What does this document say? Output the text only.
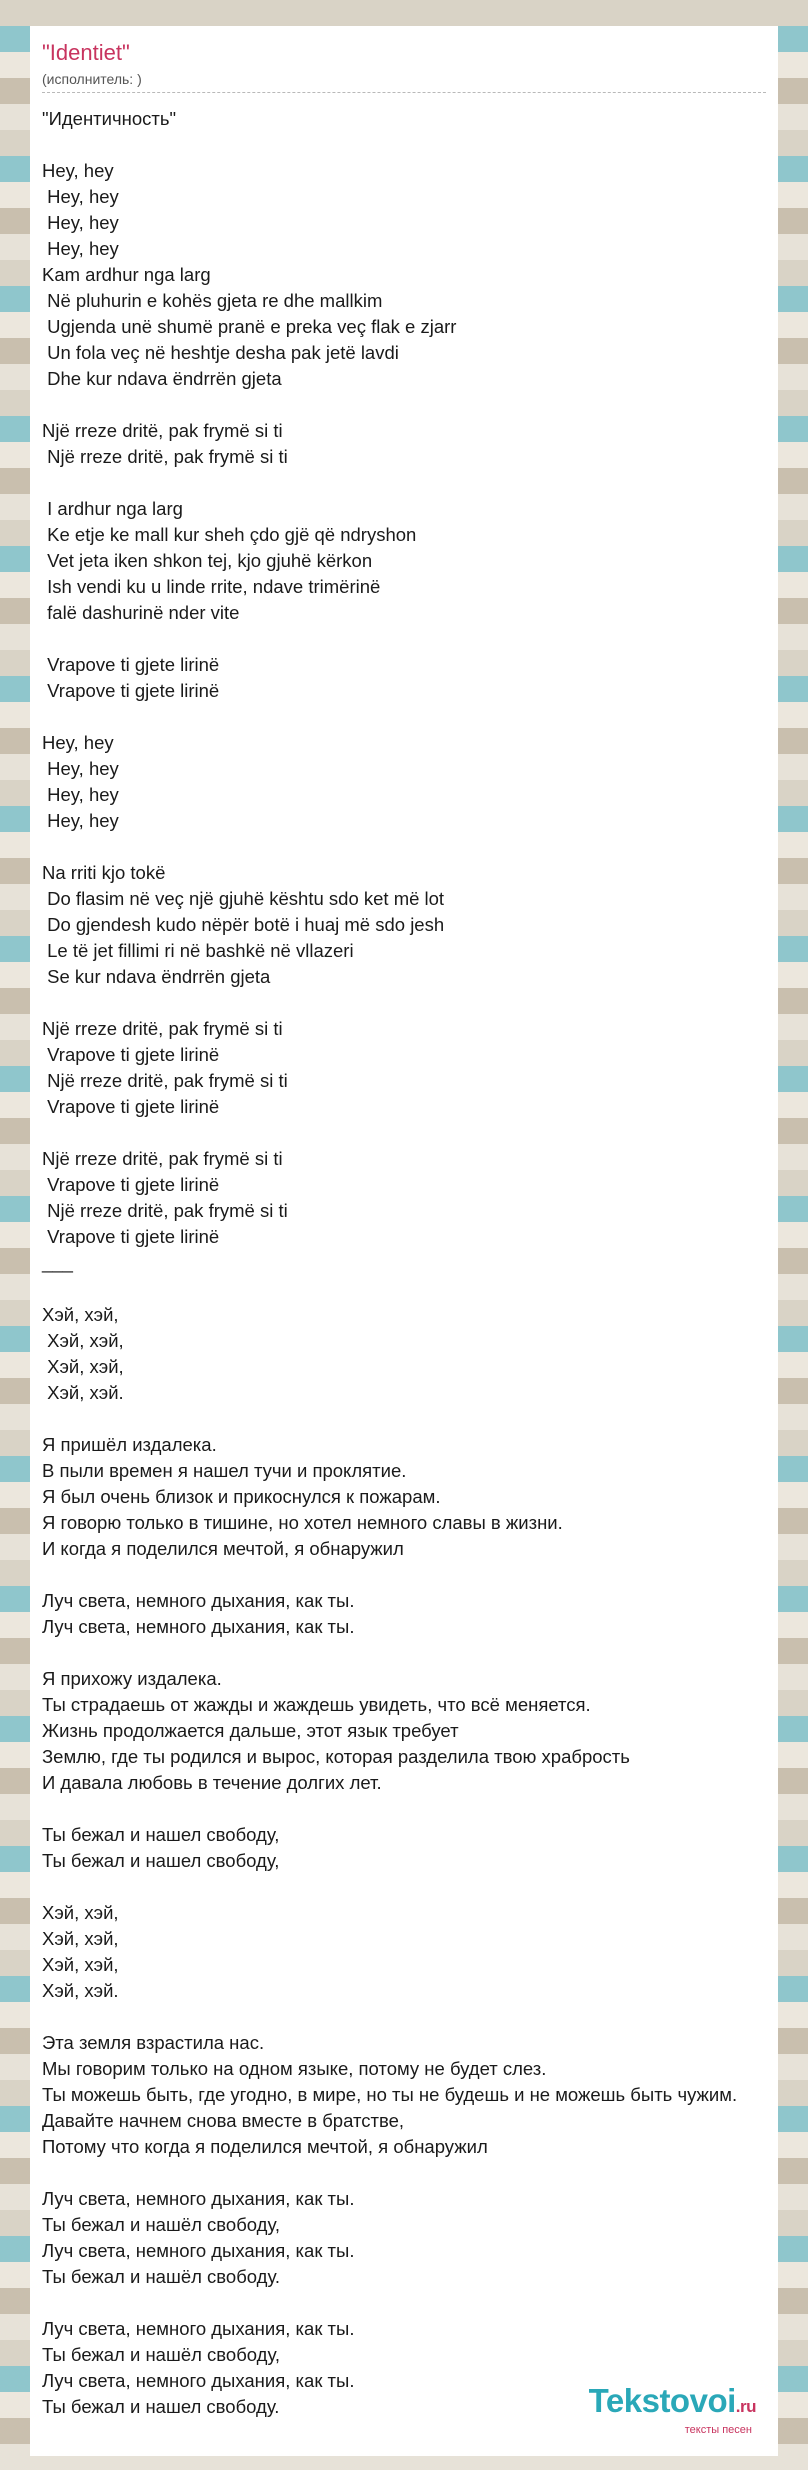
"Identiet"
(исполнитель: )
"Идентичность"
Hey, hey
Hey, hey
Hey, hey
Hey, hey
Kam ardhur nga larg
Në pluhurin e kohës gjeta re dhe mallkim
Ugjenda unë shumë pranë e preka veç flak e zjarr
Un fola veç në heshtje desha pak jetë lavdi
Dhe kur ndava ëndrrën gjeta
Një rreze dritë, pak frymë si ti
Një rreze dritë, pak frymë si ti
I ardhur nga larg
Ke etje ke mall kur sheh çdo gjë që ndryshon
Vet jeta iken shkon tej, kjo gjuhë kërkon
Ish vendi ku u linde rrite, ndave trimërinë
falë dashurinë nder vite
Vrapove ti gjete lirinë
Vrapove ti gjete lirinë
Hey, hey
Hey, hey
Hey, hey
Hey, hey
Na rriti kjo tokë
Do flasim në veç një gjuhë kështu sdo ket më lot
Do gjendesh kudo nëpër botë i huaj më sdo jesh
Le të jet fillimi ri në bashkë në vllazeri
Se kur ndava ëndrrën gjeta
Një rreze dritë, pak frymë si ti
Vrapove ti gjete lirinë
Një rreze dritë, pak frymë si ti
Vrapove ti gjete lirinë
Një rreze dritë, pak frymë si ti
Vrapove ti gjete lirinë
Një rreze dritë, pak frymë si ti
Vrapove ti gjete lirinë
___
Хэй, хэй,
Хэй, хэй,
Хэй, хэй,
Хэй, хэй.
Я пришёл издалека.
В пыли времен я нашел тучи и проклятие.
Я был очень близок и прикоснулся к пожарам.
Я говорю только в тишине, но хотел немного славы в жизни.
И когда я поделился мечтой, я обнаружил
Луч света, немного дыхания, как ты.
Луч света, немного дыхания, как ты.
Я прихожу издалека.
Ты страдаешь от жажды и жаждешь увидеть, что всё меняется.
Жизнь продолжается дальше, этот язык требует
Землю, где ты родился и вырос, которая разделила твою храбрость
И давала любовь в течение долгих лет.
Ты бежал и нашел свободу,
Ты бежал и нашел свободу,
Хэй, хэй,
Хэй, хэй,
Хэй, хэй,
Хэй, хэй.
Эта земля взрастила нас.
Мы говорим только на одном языке, потому не будет слез.
Ты можешь быть, где угодно, в мире, но ты не будешь и не можешь быть чужим.
Давайте начнем снова вместе в братстве,
Потому что когда я поделился мечтой, я обнаружил
Луч света, немного дыхания, как ты.
Ты бежал и нашёл свободу,
Луч света, немного дыхания, как ты.
Ты бежал и нашёл свободу.
Луч света, немного дыхания, как ты.
Ты бежал и нашёл свободу,
Луч света, немного дыхания, как ты.
Ты бежал и нашел свободу.	Tekstovoi.ru
тексты песен
